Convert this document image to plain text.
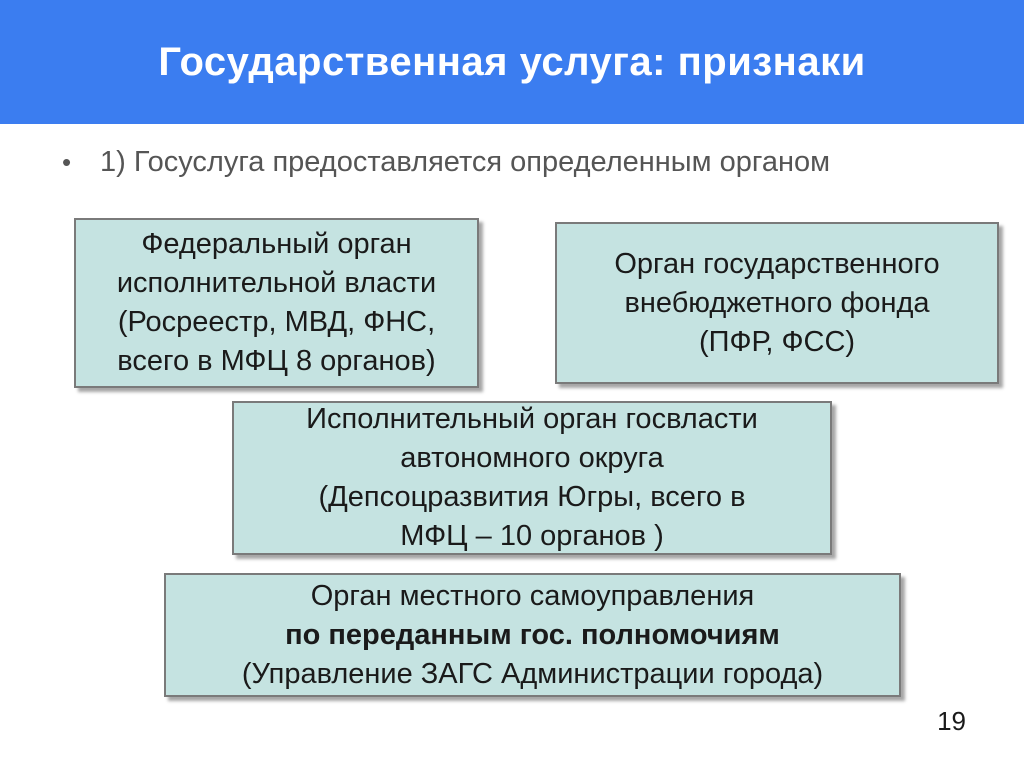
Государственная услуга: признаки
• 1) Госуслуга предоставляется определенным органом
Федеральный орган
исполнительной власти
(Росреестр, МВД, ФНС,
всего в МФЦ 8 органов)
Орган государственного
внебюджетного фонда
(ПФР, ФСС)
Исполнительный орган госвласти
автономного округа
(Депсоцразвития Югры, всего в
МФЦ – 10 органов )
Орган местного самоуправления
по переданным гос. полномочиям
(Управление ЗАГС Администрации города)
19
